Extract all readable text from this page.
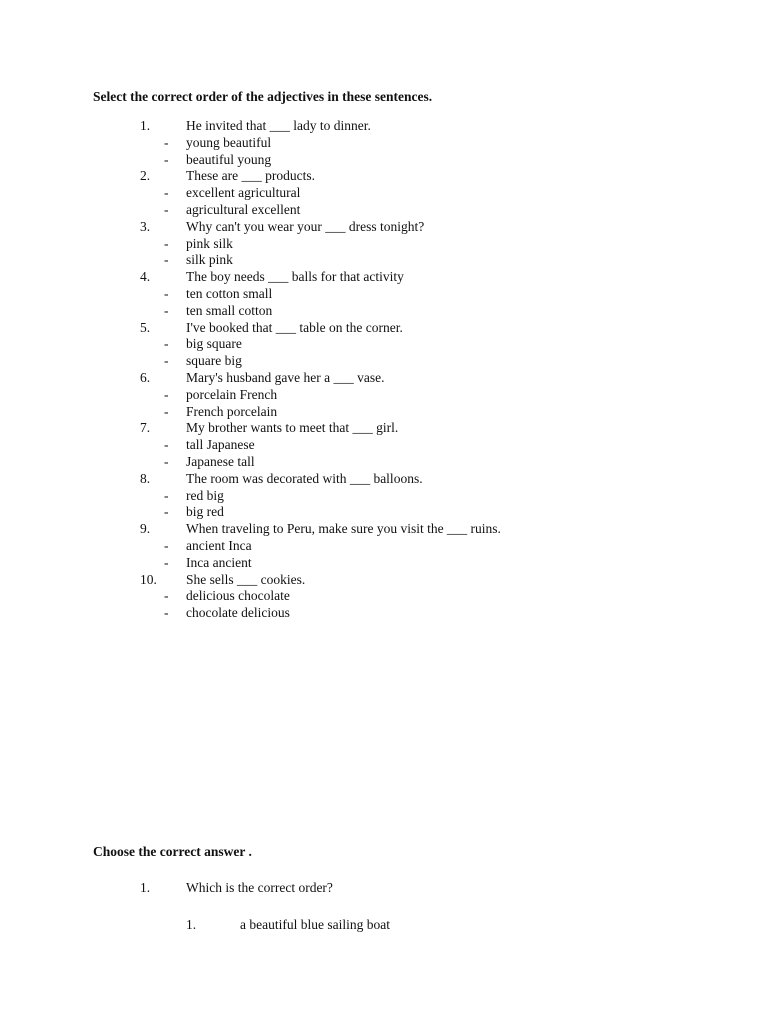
Select the correct order of the adjectives in these sentences.
1.	He invited that ___ lady to dinner.
- young beautiful
- beautiful young
2.	These are ___ products.
- excellent agricultural
- agricultural excellent
3.	Why can't you wear your ___ dress tonight?
- pink silk
- silk pink
4.	The boy needs ___ balls for that activity
- ten cotton small
- ten small cotton
5.	I've booked that ___ table on the corner.
- big square
- square big
6.	Mary's husband gave her a ___ vase.
- porcelain French
- French porcelain
7.	My brother wants to meet that ___ girl.
- tall Japanese
- Japanese tall
8.	The room was decorated with ___ balloons.
- red big
- big red
9.	When traveling to Peru, make sure you visit the ___ ruins.
- ancient Inca
- Inca ancient
10. She sells ___ cookies.
- delicious chocolate
- chocolate delicious
Choose the correct answer .
1.	Which is the correct order?
1.	a beautiful blue sailing boat
